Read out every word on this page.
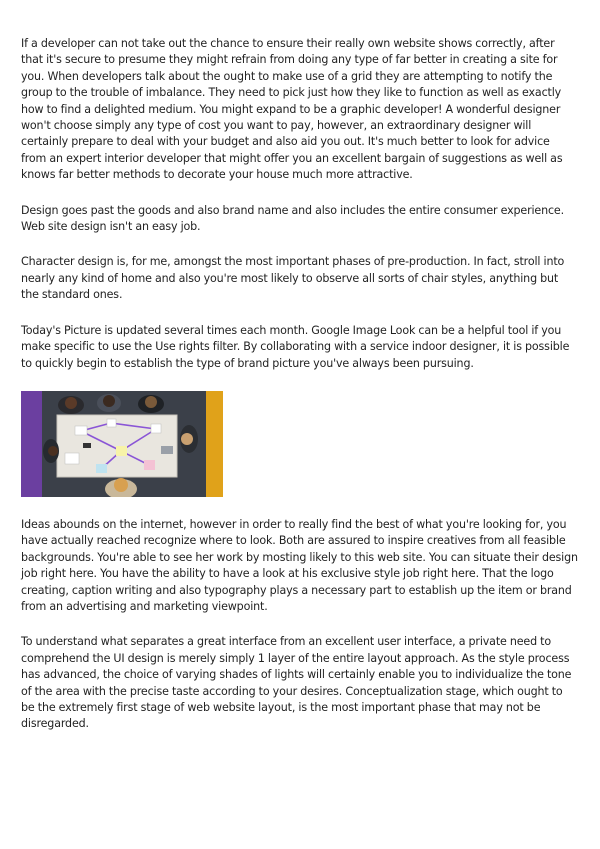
If a developer can not take out the chance to ensure their really own website shows correctly, after that it's secure to presume they might refrain from doing any type of far better in creating a site for you. When developers talk about the ought to make use of a grid they are attempting to notify the group to the trouble of imbalance. They need to pick just how they like to function as well as exactly how to find a delighted medium. You might expand to be a graphic developer! A wonderful designer won't choose simply any type of cost you want to pay, however, an extraordinary designer will certainly prepare to deal with your budget and also aid you out. It's much better to look for advice from an expert interior developer that might offer you an excellent bargain of suggestions as well as knows far better methods to decorate your house much more attractive.

Design goes past the goods and also brand name and also includes the entire consumer experience. Web site design isn't an easy job.

Character design is, for me, amongst the most important phases of pre-production. In fact, stroll into nearly any kind of home and also you're most likely to observe all sorts of chair styles, anything but the standard ones.

Today's Picture is updated several times each month. Google Image Look can be a helpful tool if you make specific to use the Use rights filter. By collaborating with a service indoor designer, it is possible to quickly begin to establish the type of brand picture you've always been pursuing.

Ideas abounds on the internet, however in order to really find the best of what you're looking for, you have actually reached recognize where to look. Both are assured to inspire creatives from all feasible backgrounds. You're able to see her work by mosting likely to this web site. You can situate their design job right here. You have the ability to have a look at his exclusive style job right here. That the logo creating, caption writing and also typography plays a necessary part to establish up the item or brand from an advertising and marketing viewpoint.

To understand what separates a great interface from an excellent user interface, a private need to comprehend the UI design is merely simply 1 layer of the entire layout approach. As the style process has advanced, the choice of varying shades of lights will certainly enable you to individualize the tone of the area with the precise taste according to your desires. Conceptualization stage, which ought to be the extremely first stage of web website layout, is the most important phase that may not be disregarded.
